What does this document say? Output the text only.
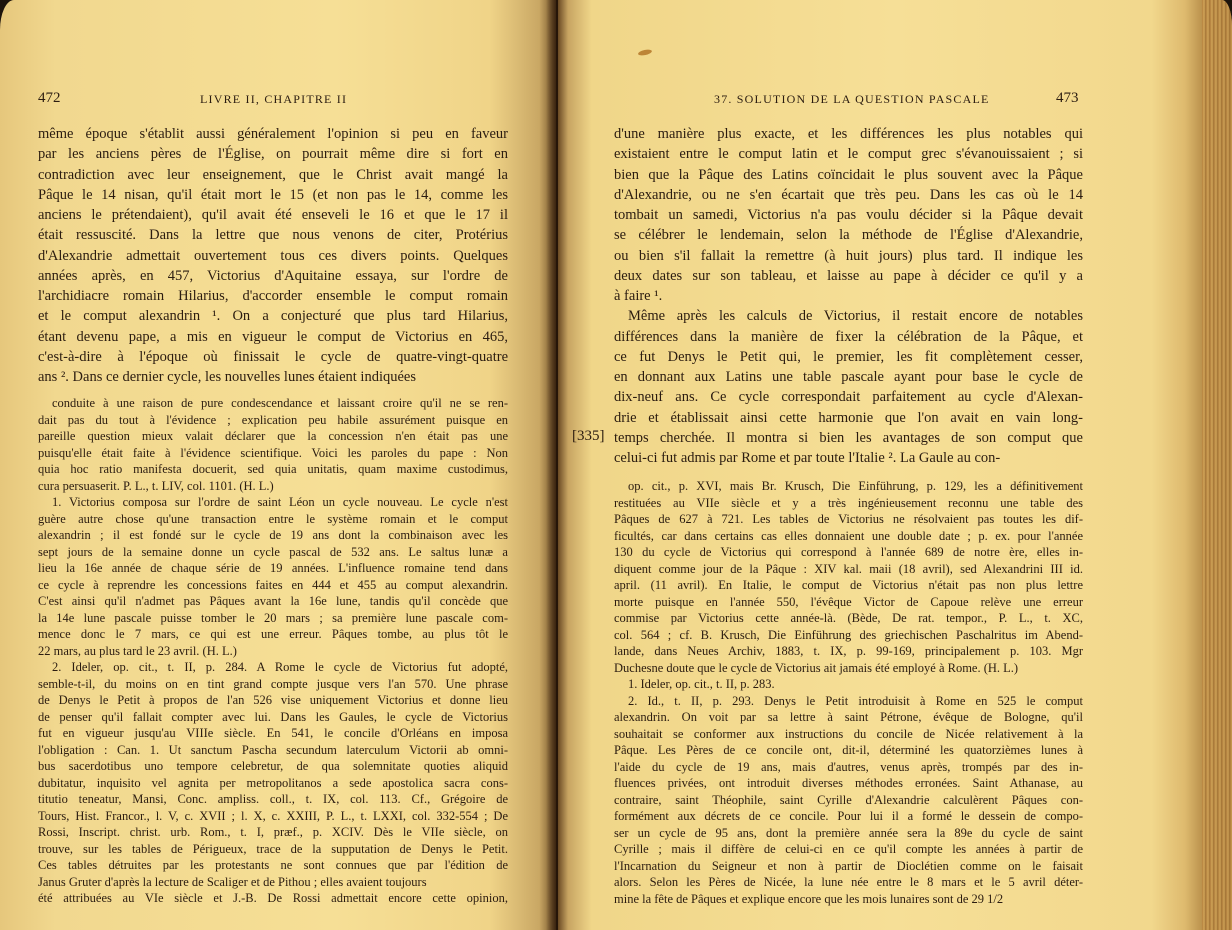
472	LIVRE II, CHAPITRE II
même époque s'établit aussi généralement l'opinion si peu en faveur
par les anciens pères de l'Église, on pourrait même dire si fort en
contradiction avec leur enseignement, que le Christ avait mangé la
Pâque le 14 nisan, qu'il était mort le 15 (et non pas le 14, comme les
anciens le prétendaient), qu'il avait été enseveli le 16 et que le 17 il
était ressuscité. Dans la lettre que nous venons de citer, Protérius
d'Alexandrie admettait ouvertement tous ces divers points. Quelques
années après, en 457, Victorius d'Aquitaine essaya, sur l'ordre de
l'archidiacre romain Hilarius, d'accorder ensemble le comput romain
et le comput alexandrin ¹. On a conjecturé que plus tard Hilarius,
étant devenu pape, a mis en vigueur le comput de Victorius en 465,
c'est-à-dire à l'époque où finissait le cycle de quatre-vingt-quatre
ans ². Dans ce dernier cycle, les nouvelles lunes étaient indiquées
conduite à une raison de pure condescendance et laissant croire qu'il ne se ren-
dait pas du tout à l'évidence ; explication peu habile assurément puisque en
pareille question mieux valait déclarer que la concession n'en était pas une
puisqu'elle était faite à l'évidence scientifique. Voici les paroles du pape : Non
quia hoc ratio manifesta docuerit, sed quia unitatis, quam maxime custodimus,
cura persuaserit. P. L., t. LIV, col. 1101. (H. L.)
1. Victorius composa sur l'ordre de saint Léon un cycle nouveau. Le cycle n'est
guère autre chose qu'une transaction entre le système romain et le comput
alexandrin ; il est fondé sur le cycle de 19 ans dont la combinaison avec les
sept jours de la semaine donne un cycle pascal de 532 ans. Le saltus lunæ a
lieu la 16e année de chaque série de 19 années. L'influence romaine tend dans
ce cycle à reprendre les concessions faites en 444 et 455 au comput alexandrin.
C'est ainsi qu'il n'admet pas Pâques avant la 16e lune, tandis qu'il concède que
la 14e lune pascale puisse tomber le 20 mars ; sa première lune pascale com-
mence donc le 7 mars, ce qui est une erreur. Pâques tombe, au plus tôt le
22 mars, au plus tard le 23 avril. (H. L.)
2. Ideler, op. cit., t. II, p. 284. A Rome le cycle de Victorius fut adopté,
semble-t-il, du moins on en tint grand compte jusque vers l'an 570. Une phrase
de Denys le Petit à propos de l'an 526 vise uniquement Victorius et donne lieu
de penser qu'il fallait compter avec lui. Dans les Gaules, le cycle de Victorius
fut en vigueur jusqu'au VIIIe siècle. En 541, le concile d'Orléans en imposa
l'obligation : Can. 1. Ut sanctum Pascha secundum laterculum Victorii ab omni-
bus sacerdotibus uno tempore celebretur, de qua solemnitate quoties aliquid
dubitatur, inquisito vel agnita per metropolitanos a sede apostolica sacra cons-
titutio teneatur, Mansi, Conc. ampliss. coll., t. IX, col. 113. Cf., Grégoire de
Tours, Hist. Francor., l. V, c. XVII ; l. X, c. XXIII, P. L., t. LXXI, col. 332-554 ; De
Rossi, Inscript. christ. urb. Rom., t. I, præf., p. XCIV. Dès le VIIe siècle, on
trouve, sur les tables de Périgueux, trace de la supputation de Denys le Petit.
Ces tables détruites par les protestants ne sont connues que par l'édition de
Janus Gruter d'après la lecture de Scaliger et de Pithou ; elles avaient toujours
été attribuées au VIe siècle et J.-B. De Rossi admettait encore cette opinion,
37. SOLUTION DE LA QUESTION PASCALE	473
d'une manière plus exacte, et les différences les plus notables qui
existaient entre le comput latin et le comput grec s'évanouissaient ; si
bien que la Pâque des Latins coïncidait le plus souvent avec la Pâque
d'Alexandrie, ou ne s'en écartait que très peu. Dans les cas où le 14
tombait un samedi, Victorius n'a pas voulu décider si la Pâque devait
se célébrer le lendemain, selon la méthode de l'Église d'Alexandrie,
ou bien s'il fallait la remettre (à huit jours) plus tard. Il indique les
deux dates sur son tableau, et laisse au pape à décider ce qu'il y a
à faire ¹.
Même après les calculs de Victorius, il restait encore de notables
différences dans la manière de fixer la célébration de la Pâque, et
ce fut Denys le Petit qui, le premier, les fit complètement cesser,
en donnant aux Latins une table pascale ayant pour base le cycle de
dix-neuf ans. Ce cycle correspondait parfaitement au cycle d'Alexan-
drie et établissait ainsi cette harmonie que l'on avait en vain long-
temps cherchée. Il montra si bien les avantages de son comput que
celui-ci fut admis par Rome et par toute l'Italie ². La Gaule au con-
op. cit., p. XVI, mais Br. Krusch, Die Einführung, p. 129, les a définitivement
restituées au VIIe siècle et y a très ingénieusement reconnu une table des
Pâques de 627 à 721. Les tables de Victorius ne résolvaient pas toutes les dif-
ficultés, car dans certains cas elles donnaient une double date ; p. ex. pour l'année
130 du cycle de Victorius qui correspond à l'année 689 de notre ère, elles in-
diquent comme jour de la Pâque : XIV kal. maii (18 avril), sed Alexandrini III id.
april. (11 avril). En Italie, le comput de Victorius n'était pas non plus lettre
morte puisque en l'année 550, l'évêque Victor de Capoue relève une erreur
commise par Victorius cette année-là. (Bède, De rat. tempor., P. L., t. XC,
col. 564 ; cf. B. Krusch, Die Einführung des griechischen Paschalritus im Abend-
lande, dans Neues Archiv, 1883, t. IX, p. 99-169, principalement p. 103. Mgr
Duchesne doute que le cycle de Victorius ait jamais été employé à Rome. (H. L.)
1. Ideler, op. cit., t. II, p. 283.
2. Id., t. II, p. 293. Denys le Petit introduisit à Rome en 525 le comput
alexandrin. On voit par sa lettre à saint Pétrone, évêque de Bologne, qu'il
souhaitait se conformer aux instructions du concile de Nicée relativement à la
Pâque. Les Pères de ce concile ont, dit-il, déterminé les quatorzièmes lunes à
l'aide du cycle de 19 ans, mais d'autres, venus après, trompés par des in-
fluences privées, ont introduit diverses méthodes erronées. Saint Athanase, au
contraire, saint Théophile, saint Cyrille d'Alexandrie calculèrent Pâques con-
formément aux décrets de ce concile. Pour lui il a formé le dessein de compo-
ser un cycle de 95 ans, dont la première année sera la 89e du cycle de saint
Cyrille ; mais il diffère de celui-ci en ce qu'il compte les années à partir de
l'Incarnation du Seigneur et non à partir de Dioclétien comme on le faisait
alors. Selon les Pères de Nicée, la lune née entre le 8 mars et le 5 avril déter-
mine la fête de Pâques et explique encore que les mois lunaires sont de 29 1/2
[335]
